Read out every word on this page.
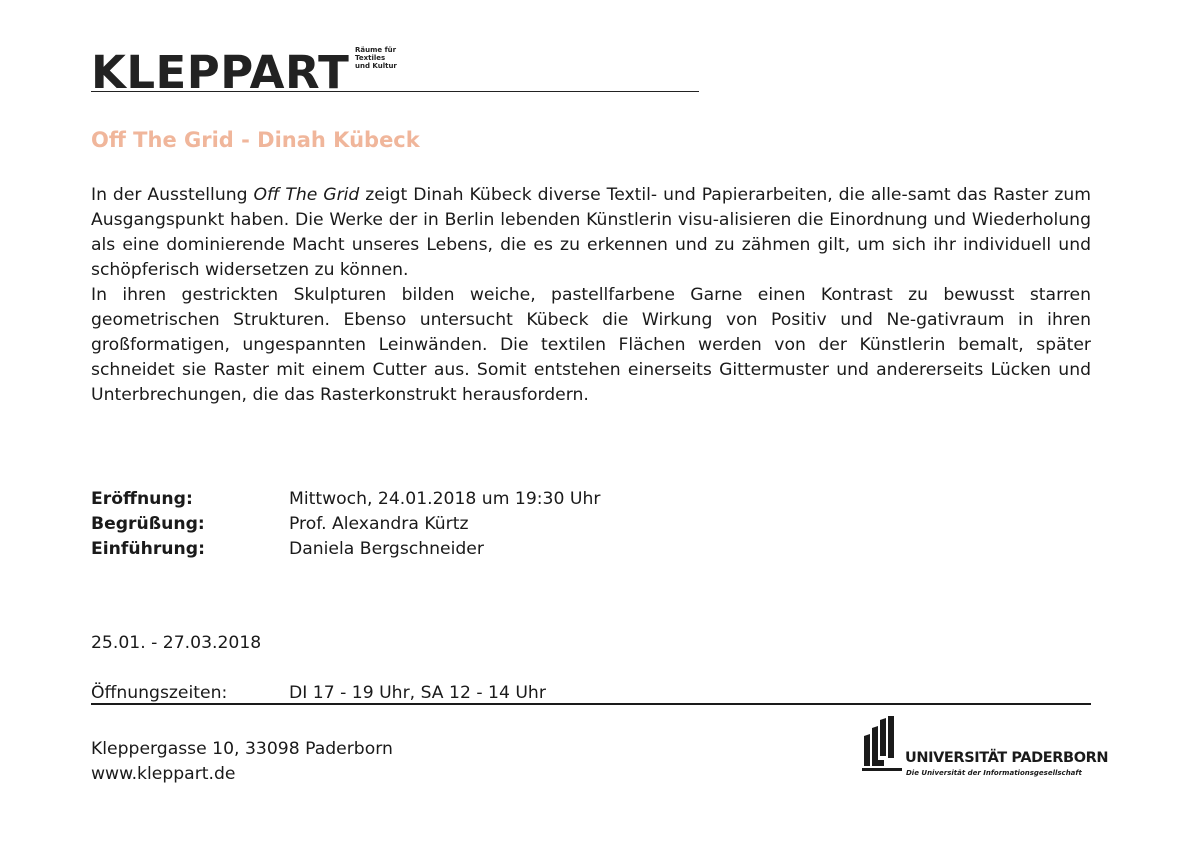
KLEPPART Räume für
Textiles
und Kultur
Off The Grid - Dinah Kübeck

In der Ausstellung Off The Grid zeigt Dinah Kübeck diverse Textil- und Papierarbeiten, die alle-samt das Raster zum Ausgangspunkt haben. Die Werke der in Berlin lebenden Künstlerin visu-alisieren die Einordnung und Wiederholung als eine dominierende Macht unseres Lebens, die es zu erkennen und zu zähmen gilt, um sich ihr individuell und schöpferisch widersetzen zu können.

In ihren gestrickten Skulpturen bilden weiche, pastellfarbene Garne einen Kontrast zu bewusst starren geometrischen Strukturen. Ebenso untersucht Kübeck die Wirkung von Positiv und Ne-gativraum in ihren großformatigen, ungespannten Leinwänden. Die textilen Flächen werden von der Künstlerin bemalt, später schneidet sie Raster mit einem Cutter aus. Somit entstehen einerseits Gittermuster und andererseits Lücken und Unterbrechungen, die das Rasterkonstrukt herausfordern.

Eröffnung:	Mittwoch, 24.01.2018 um 19:30 Uhr
Begrüßung:	Prof. Alexandra Kürtz
Einführung:	Daniela Bergschneider
25.01. - 27.03.2018
Öffnungszeiten:	DI 17 - 19 Uhr, SA 12 - 14 Uhr
Kleppergasse 10, 33098 Paderborn
www.kleppart.de
UNIVERSITÄT PADERBORN
Die Universität der Informationsgesellschaft
